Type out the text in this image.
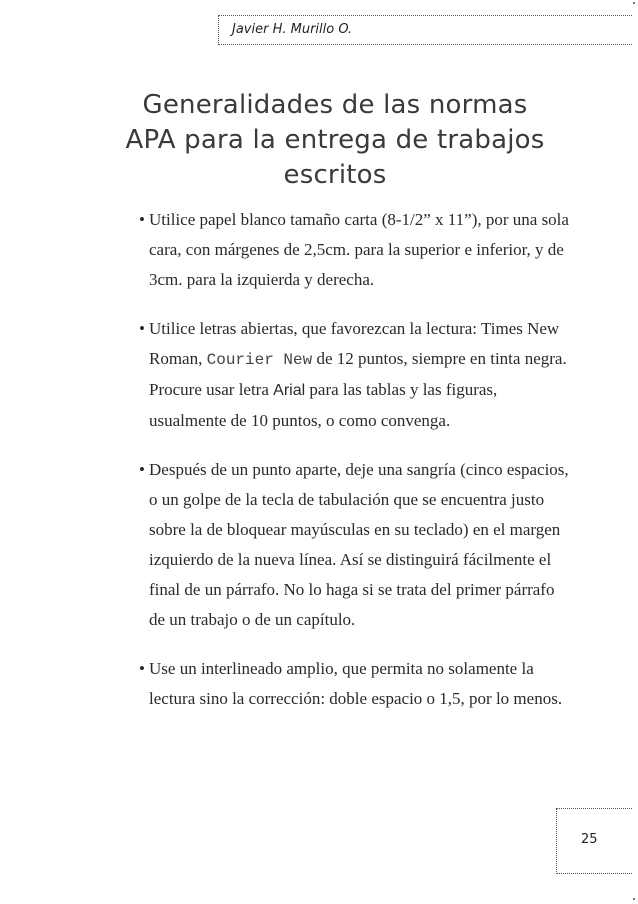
Javier H. Murillo O.
Generalidades de las normas
APA para la entrega de trabajos
escritos
• Utilice papel blanco tamaño carta (8-1/2” x 11”), por una sola cara, con márgenes de 2,5cm. para la superior e inferior, y de 3cm. para la izquierda y derecha.
• Utilice letras abiertas, que favorezcan la lectura: Times New Roman, Courier New de 12 puntos, siempre en tinta negra. Procure usar letra Arial para las tablas y las figuras, usualmente de 10 puntos, o como convenga.
• Después de un punto aparte, deje una sangría (cinco espacios, o un golpe de la tecla de tabulación que se encuentra justo sobre la de bloquear mayúsculas en su teclado) en el margen izquierdo de la nueva línea. Así se distinguirá fácilmente el final de un párrafo. No lo haga si se trata del primer párrafo de un trabajo o de un capítulo.
• Use un interlineado amplio, que permita no solamente la lectura sino la corrección: doble espacio o 1,5, por lo menos.
25
